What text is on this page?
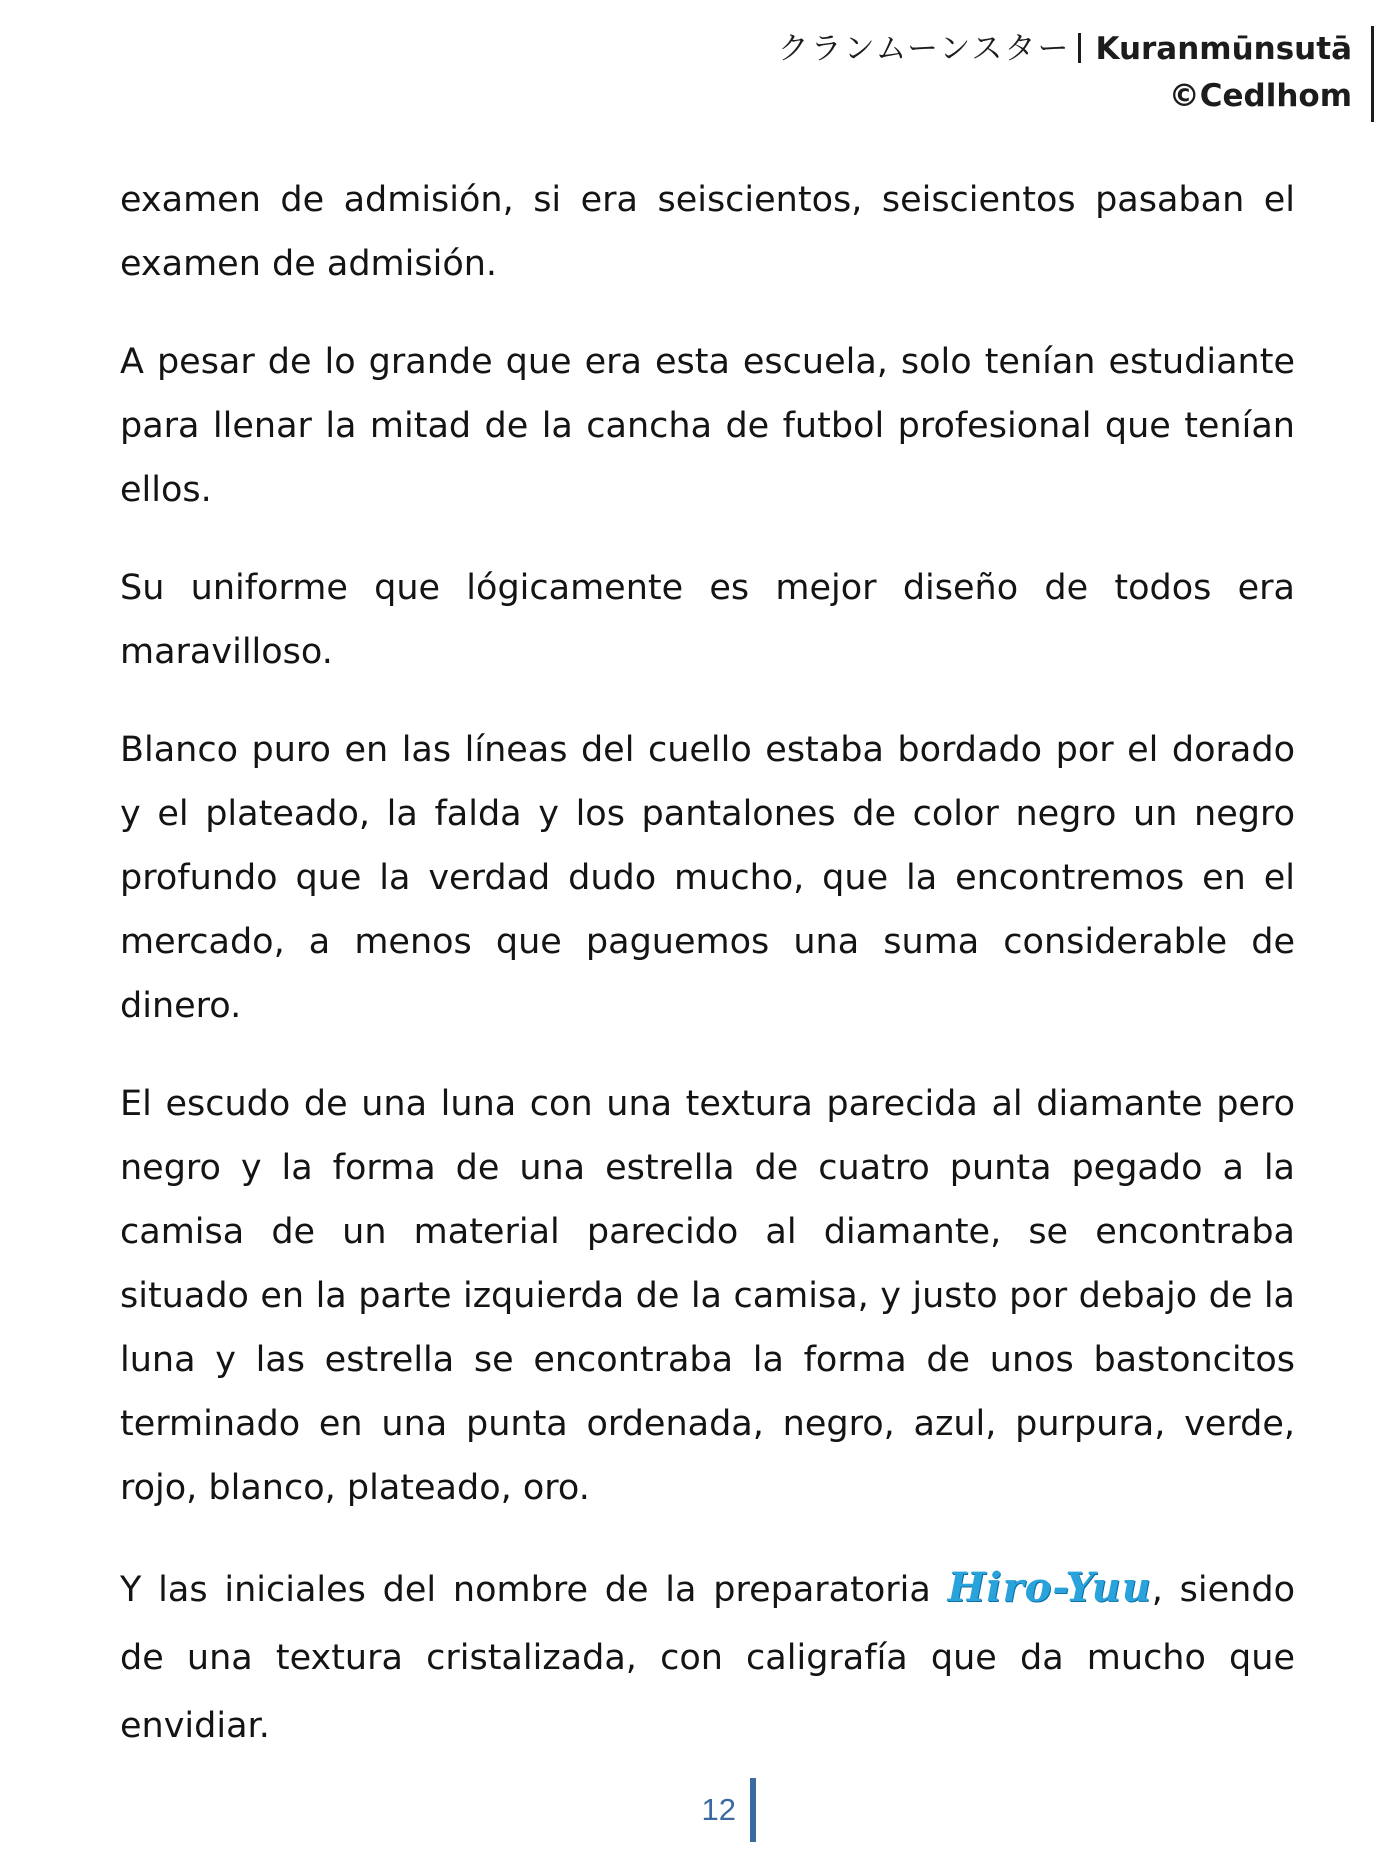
クランムーンスター Kuranmūnsutā
©Cedlhom

examen de admisión, si era seiscientos, seiscientos pasaban el examen de admisión.

A pesar de lo grande que era esta escuela, solo tenían estudiante para llenar la mitad de la cancha de futbol profesional que tenían ellos.

Su uniforme que lógicamente es mejor diseño de todos era maravilloso.

Blanco puro en las líneas del cuello estaba bordado por el dorado y el plateado, la falda y los pantalones de color negro un negro profundo que la verdad dudo mucho, que la encontremos en el mercado, a menos que paguemos una suma considerable de dinero.

El escudo de una luna con una textura parecida al diamante pero negro y la forma de una estrella de cuatro punta pegado a la camisa de un material parecido al diamante, se encontraba situado en la parte izquierda de la camisa, y justo por debajo de la luna y las estrella se encontraba la forma de unos bastoncitos terminado en una punta ordenada, negro, azul, purpura, verde, rojo, blanco, plateado, oro.

Y las iniciales del nombre de la preparatoria Hiro-Yuu, siendo de una textura cristalizada, con caligrafía que da mucho que envidiar.

12
